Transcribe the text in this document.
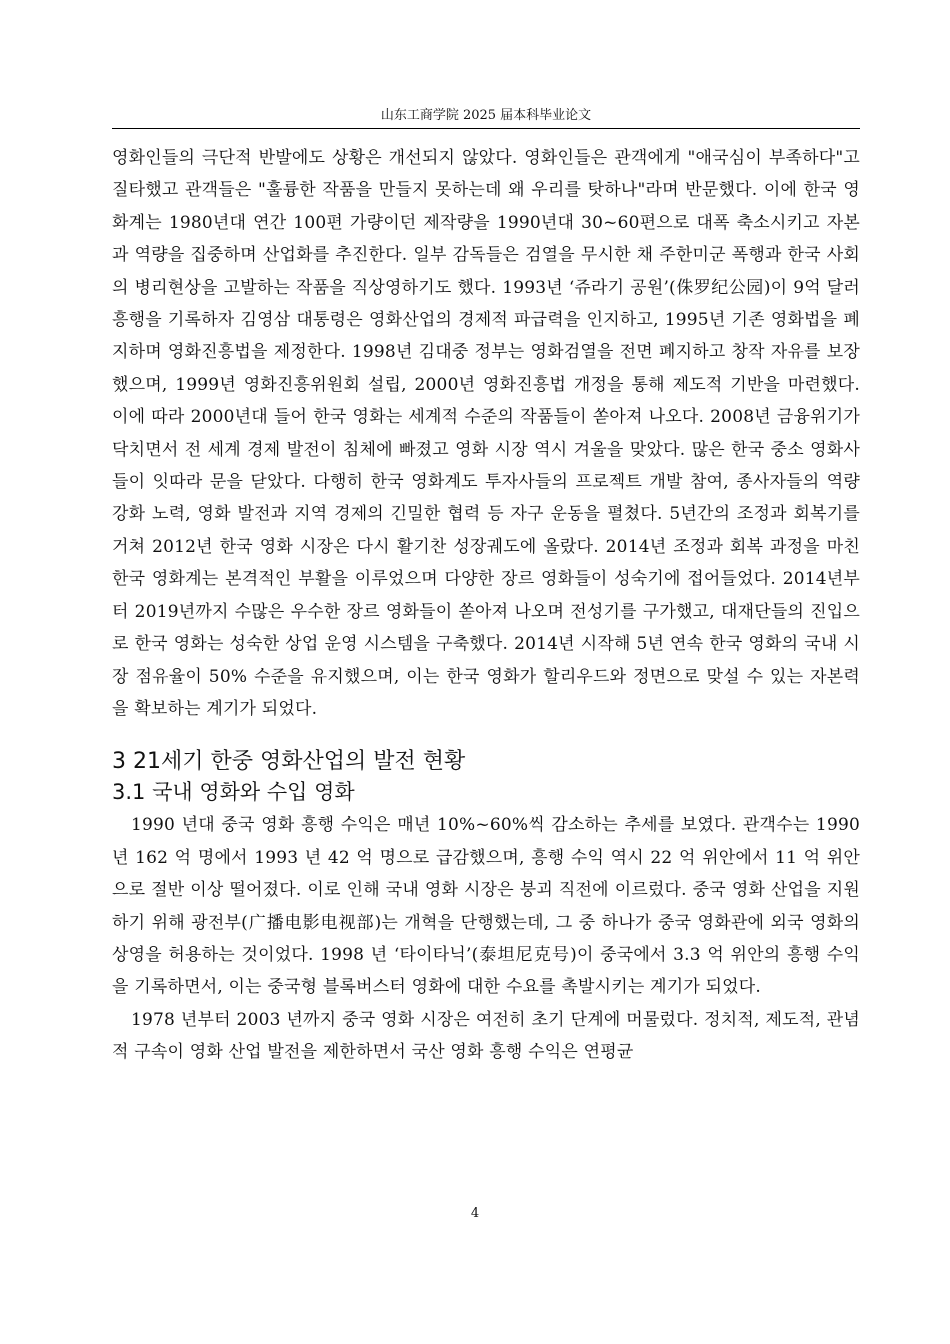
山东工商学院 2025 届本科毕业论文

영화인들의 극단적 반발에도 상황은 개선되지 않았다. 영화인들은 관객에게 "애국심이 부족하다"고 질타했고 관객들은 "훌륭한 작품을 만들지 못하는데 왜 우리를 탓하나"라며 반문했다. 이에 한국 영화계는 1980년대 연간 100편 가량이던 제작량을 1990년대 30~60편으로 대폭 축소시키고 자본과 역량을 집중하며 산업화를 추진한다. 일부 감독들은 검열을 무시한 채 주한미군 폭행과 한국 사회의 병리현상을 고발하는 작품을 직상영하기도 했다. 1993년 ‘쥬라기 공원’(侏罗纪公园)이 9억 달러 흥행을 기록하자 김영삼 대통령은 영화산업의 경제적 파급력을 인지하고, 1995년 기존 영화법을 폐지하며 영화진흥법을 제정한다. 1998년 김대중 정부는 영화검열을 전면 폐지하고 창작 자유를 보장했으며, 1999년 영화진흥위원회 설립, 2000년 영화진흥법 개정을 통해 제도적 기반을 마련했다. 이에 따라 2000년대 들어 한국 영화는 세계적 수준의 작품들이 쏟아져 나오다. 2008년 금융위기가 닥치면서 전 세계 경제 발전이 침체에 빠졌고 영화 시장 역시 겨울을 맞았다. 많은 한국 중소 영화사들이 잇따라 문을 닫았다. 다행히 한국 영화계도 투자사들의 프로젝트 개발 참여, 종사자들의 역량 강화 노력, 영화 발전과 지역 경제의 긴밀한 협력 등 자구 운동을 펼쳤다. 5년간의 조정과 회복기를 거쳐 2012년 한국 영화 시장은 다시 활기찬 성장궤도에 올랐다. 2014년 조정과 회복 과정을 마친 한국 영화계는 본격적인 부활을 이루었으며 다양한 장르 영화들이 성숙기에 접어들었다. 2014년부터 2019년까지 수많은 우수한 장르 영화들이 쏟아져 나오며 전성기를 구가했고, 대재단들의 진입으로 한국 영화는 성숙한 상업 운영 시스템을 구축했다. 2014년 시작해 5년 연속 한국 영화의 국내 시장 점유율이 50% 수준을 유지했으며, 이는 한국 영화가 할리우드와 정면으로 맞설 수 있는 자본력을 확보하는 계기가 되었다.

3 21세기 한중 영화산업의 발전 현황
3.1 국내 영화와 수입 영화

1990 년대 중국 영화 흥행 수익은 매년 10%~60%씩 감소하는 추세를 보였다. 관객수는 1990 년 162 억 명에서 1993 년 42 억 명으로 급감했으며, 흥행 수익 역시 22 억 위안에서 11 억 위안으로 절반 이상 떨어졌다. 이로 인해 국내 영화 시장은 붕괴 직전에 이르렀다. 중국 영화 산업을 지원하기 위해 광전부(广播电影电视部)는 개혁을 단행했는데, 그 중 하나가 중국 영화관에 외국 영화의 상영을 허용하는 것이었다. 1998 년 ‘타이타닉’(泰坦尼克号)이 중국에서 3.3 억 위안의 흥행 수익을 기록하면서, 이는 중국형 블록버스터 영화에 대한 수요를 촉발시키는 계기가 되었다.

1978 년부터 2003 년까지 중국 영화 시장은 여전히 초기 단계에 머물렀다. 정치적, 제도적, 관념적 구속이 영화 산업 발전을 제한하면서 국산 영화 흥행 수익은 연평균

4
